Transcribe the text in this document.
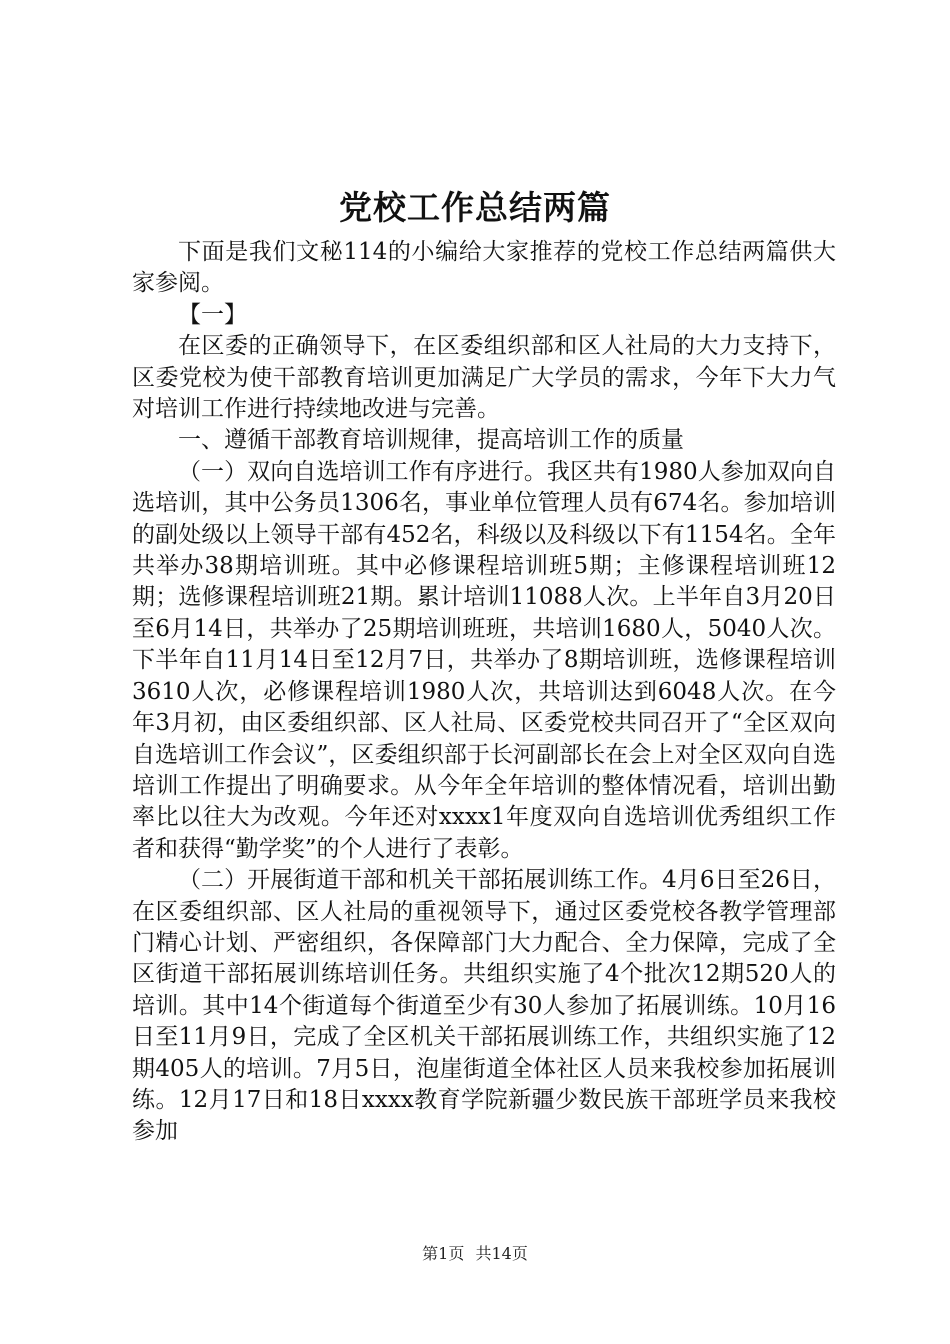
党校工作总结两篇

下面是我们文秘114的小编给大家推荐的党校工作总结两篇供大家参阅。

【一】

在区委的正确领导下，在区委组织部和区人社局的大力支持下，区委党校为使干部教育培训更加满足广大学员的需求，今年下大力气对培训工作进行持续地改进与完善。

一、遵循干部教育培训规律，提高培训工作的质量

（一）双向自选培训工作有序进行。我区共有1980人参加双向自选培训，其中公务员1306名，事业单位管理人员有674名。参加培训的副处级以上领导干部有452名，科级以及科级以下有1154名。全年共举办38期培训班。其中必修课程培训班5期；主修课程培训班12期；选修课程培训班21期。累计培训11088人次。上半年自3月20日至6月14日，共举办了25期培训班班，共培训1680人，5040人次。下半年自11月14日至12月7日，共举办了8期培训班，选修课程培训3610人次，必修课程培训1980人次，共培训达到6048人次。在今年3月初，由区委组织部、区人社局、区委党校共同召开了“全区双向自选培训工作会议”，区委组织部于长河副部长在会上对全区双向自选培训工作提出了明确要求。从今年全年培训的整体情况看，培训出勤率比以往大为改观。今年还对xxxx1年度双向自选培训优秀组织工作者和获得“勤学奖”的个人进行了表彰。

（二）开展街道干部和机关干部拓展训练工作。4月6日至26日，在区委组织部、区人社局的重视领导下，通过区委党校各教学管理部门精心计划、严密组织，各保障部门大力配合、全力保障，完成了全区街道干部拓展训练培训任务。共组织实施了4个批次12期520人的培训。其中14个街道每个街道至少有30人参加了拓展训练。10月16日至11月9日，完成了全区机关干部拓展训练工作，共组织实施了12期405人的培训。7月5日，泡崖街道全体社区人员来我校参加拓展训练。12月17日和18日xxxx教育学院新疆少数民族干部班学员来我校参加

第1页 共14页
